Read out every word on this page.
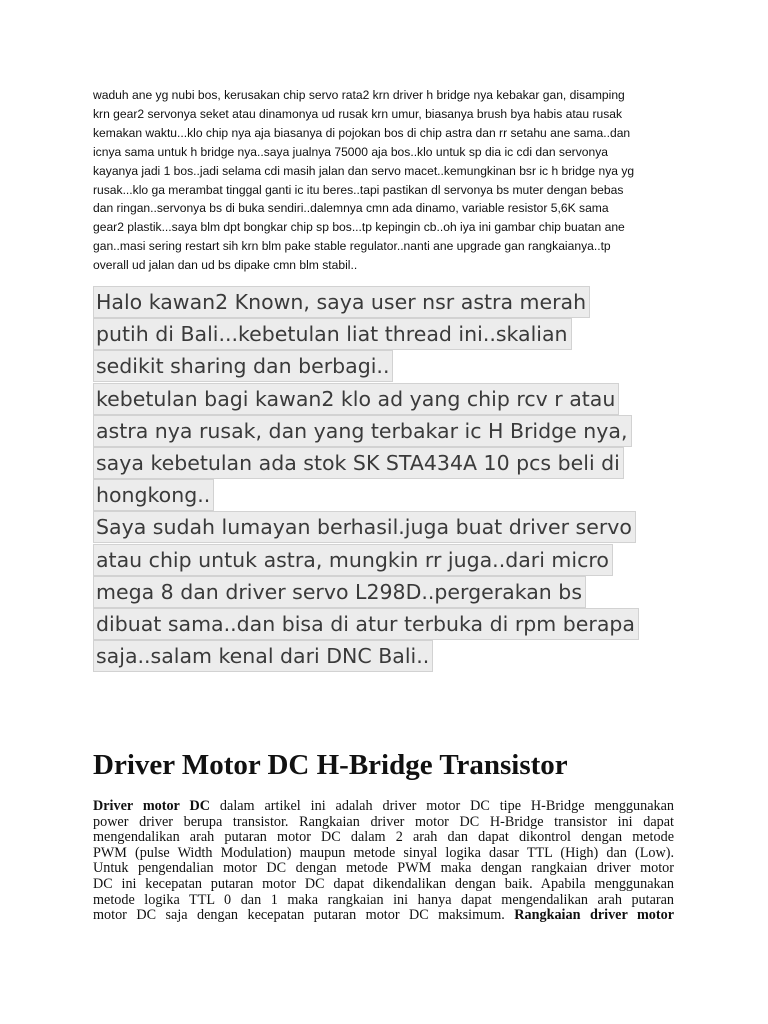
waduh ane yg nubi bos, kerusakan chip servo rata2 krn driver h bridge nya kebakar gan, disamping
krn gear2 servonya seket atau dinamonya ud rusak krn umur, biasanya brush bya habis atau rusak
kemakan waktu...klo chip nya aja biasanya di pojokan bos di chip astra dan rr setahu ane sama..dan
icnya sama untuk h bridge nya..saya jualnya 75000 aja bos..klo untuk sp dia ic cdi dan servonya
kayanya jadi 1 bos..jadi selama cdi masih jalan dan servo macet..kemungkinan bsr ic h bridge nya yg
rusak...klo ga merambat tinggal ganti ic itu beres..tapi pastikan dl servonya bs muter dengan bebas
dan ringan..servonya bs di buka sendiri..dalemnya cmn ada dinamo, variable resistor 5,6K sama
gear2 plastik...saya blm dpt bongkar chip sp bos...tp kepingin cb..oh iya ini gambar chip buatan ane
gan..masi sering restart sih krn blm pake stable regulator..nanti ane upgrade gan rangkaianya..tp
overall ud jalan dan ud bs dipake cmn blm stabil..
Halo kawan2 Known, saya user nsr astra merah
putih di Bali...kebetulan liat thread ini..skalian
sedikit sharing dan berbagi..
kebetulan bagi kawan2 klo ad yang chip rcv r atau
astra nya rusak, dan yang terbakar ic H Bridge nya,
saya kebetulan ada stok SK STA434A 10 pcs beli di
hongkong..
Saya sudah lumayan berhasil.juga buat driver servo
atau chip untuk astra, mungkin rr juga..dari micro
mega 8 dan driver servo L298D..pergerakan bs
dibuat sama..dan bisa di atur terbuka di rpm berapa
saja..salam kenal dari DNC Bali..
Driver Motor DC H-Bridge Transistor
Driver motor DC dalam artikel ini adalah driver motor DC tipe H-Bridge menggunakan
power driver berupa transistor. Rangkaian driver motor DC H-Bridge transistor ini dapat
mengendalikan arah putaran motor DC dalam 2 arah dan dapat dikontrol dengan metode
PWM (pulse Width Modulation) maupun metode sinyal logika dasar TTL (High) dan (Low).
Untuk pengendalian motor DC dengan metode PWM maka dengan rangkaian driver motor
DC ini kecepatan putaran motor DC dapat dikendalikan dengan baik. Apabila menggunakan
metode logika TTL 0 dan 1 maka rangkaian ini hanya dapat mengendalikan arah putaran
motor DC saja dengan kecepatan putaran motor DC maksimum. Rangkaian driver motor
